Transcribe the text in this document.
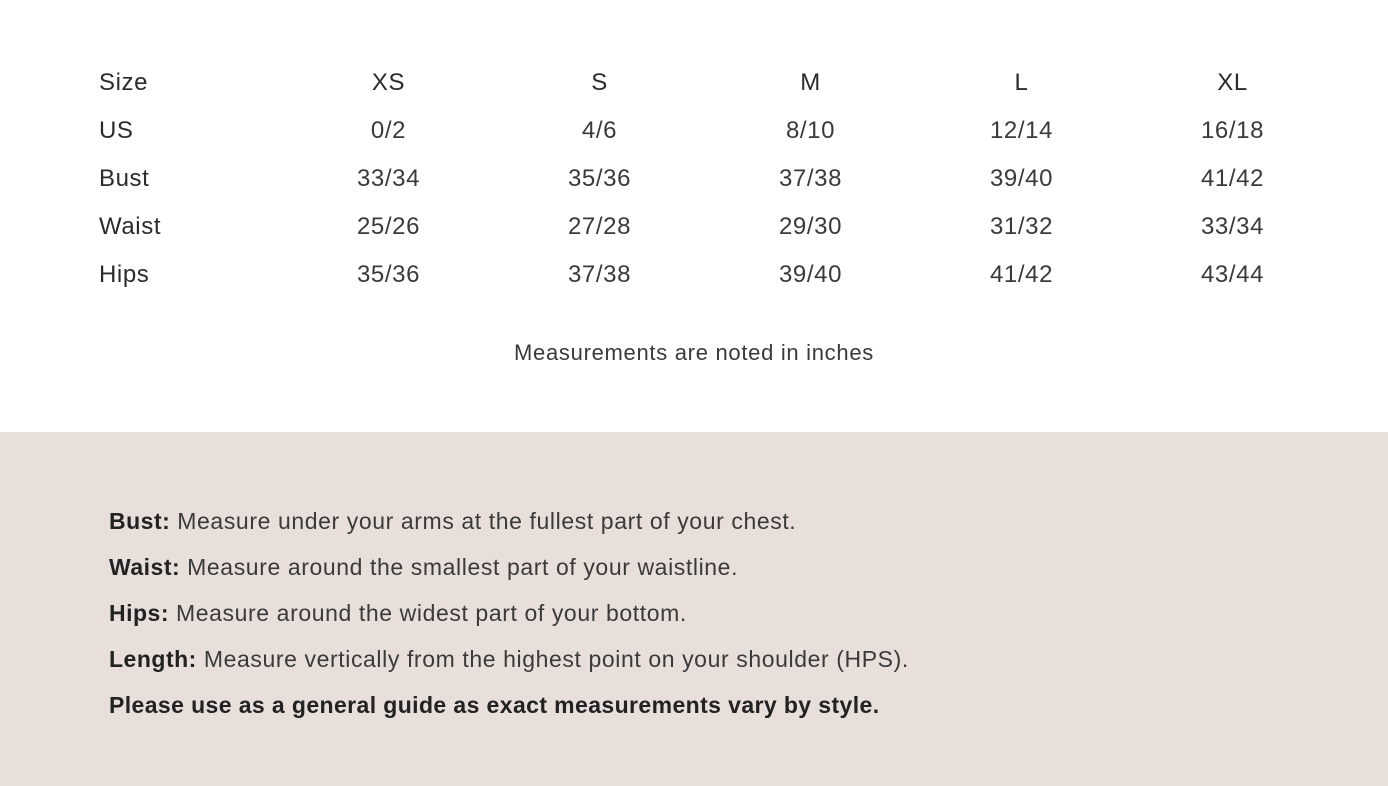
Size	XS	S	M	L	XL
US	0/2	4/6	8/10	12/14	16/18
Bust	33/34	35/36	37/38	39/40	41/42
Waist	25/26	27/28	29/30	31/32	33/34
Hips	35/36	37/38	39/40	41/42	43/44
Measurements are noted in inches
Bust: Measure under your arms at the fullest part of your chest.
Waist: Measure around the smallest part of your waistline.
Hips: Measure around the widest part of your bottom.
Length: Measure vertically from the highest point on your shoulder (HPS).
Please use as a general guide as exact measurements vary by style.
